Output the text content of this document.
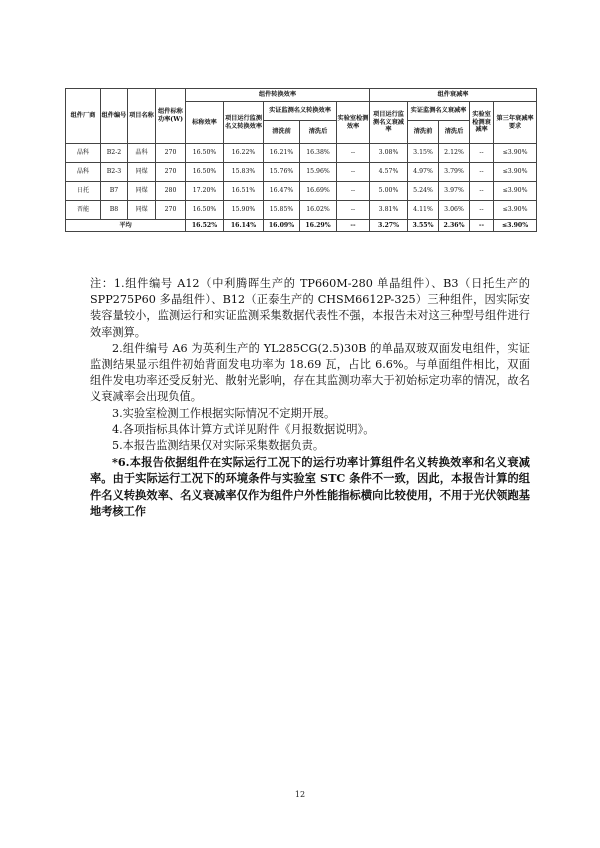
组件厂商	组件编号	项目名称	组件标称功率(W)	组件转换效率					组件衰减率				
				标称效率	项目运行监测名义转换效率	实证监测名义转换效率		实验室检测效率	项目运行监测名义衰减率	实证监测名义衰减率		实验室检测衰减率	第三年衰减率要求
						清洗前	清洗后			清洗前	清洗后		
晶科	B2-2	晶科	270	16.50%	16.22%	16.21%	16.38%	--	3.08%	3.15%	2.12%	--	≤3.90%
晶科	B2-3	同煤	270	16.50%	15.83%	15.76%	15.96%	--	4.57%	4.97%	3.79%	--	≤3.90%
日托	B7	同煤	280	17.20%	16.51%	16.47%	16.69%	--	5.00%	5.24%	3.97%	--	≤3.90%
晋能	B8	同煤	270	16.50%	15.90%	15.85%	16.02%	--	3.81%	4.11%	3.06%	--	≤3.90%
平均				16.52%	16.14%	16.09%	16.29%	--	3.27%	3.55%	2.36%	--	≤3.90%

注：1.组件编号 A12（中利腾晖生产的 TP660M-280 单晶组件）、B3（日托生产的 SPP275P60 多晶组件）、B12（正泰生产的 CHSM6612P-325）三种组件，因实际安装容量较小，监测运行和实证监测采集数据代表性不强，本报告未对这三种型号组件进行效率测算。

2.组件编号 A6 为英利生产的 YL285CG(2.5)30B 的单晶双玻双面发电组件，实证监测结果显示组件初始背面发电功率为 18.69 瓦，占比 6.6%。与单面组件相比，双面组件发电功率还受反射光、散射光影响，存在其监测功率大于初始标定功率的情况，故名义衰减率会出现负值。

3.实验室检测工作根据实际情况不定期开展。

4.各项指标具体计算方式详见附件《月报数据说明》。

5.本报告监测结果仅对实际采集数据负责。

*6.本报告依据组件在实际运行工况下的运行功率计算组件名义转换效率和名义衰减率。由于实际运行工况下的环境条件与实验室 STC 条件不一致，因此，本报告计算的组件名义转换效率、名义衰减率仅作为组件户外性能指标横向比较使用，不用于光伏领跑基地考核工作

12
